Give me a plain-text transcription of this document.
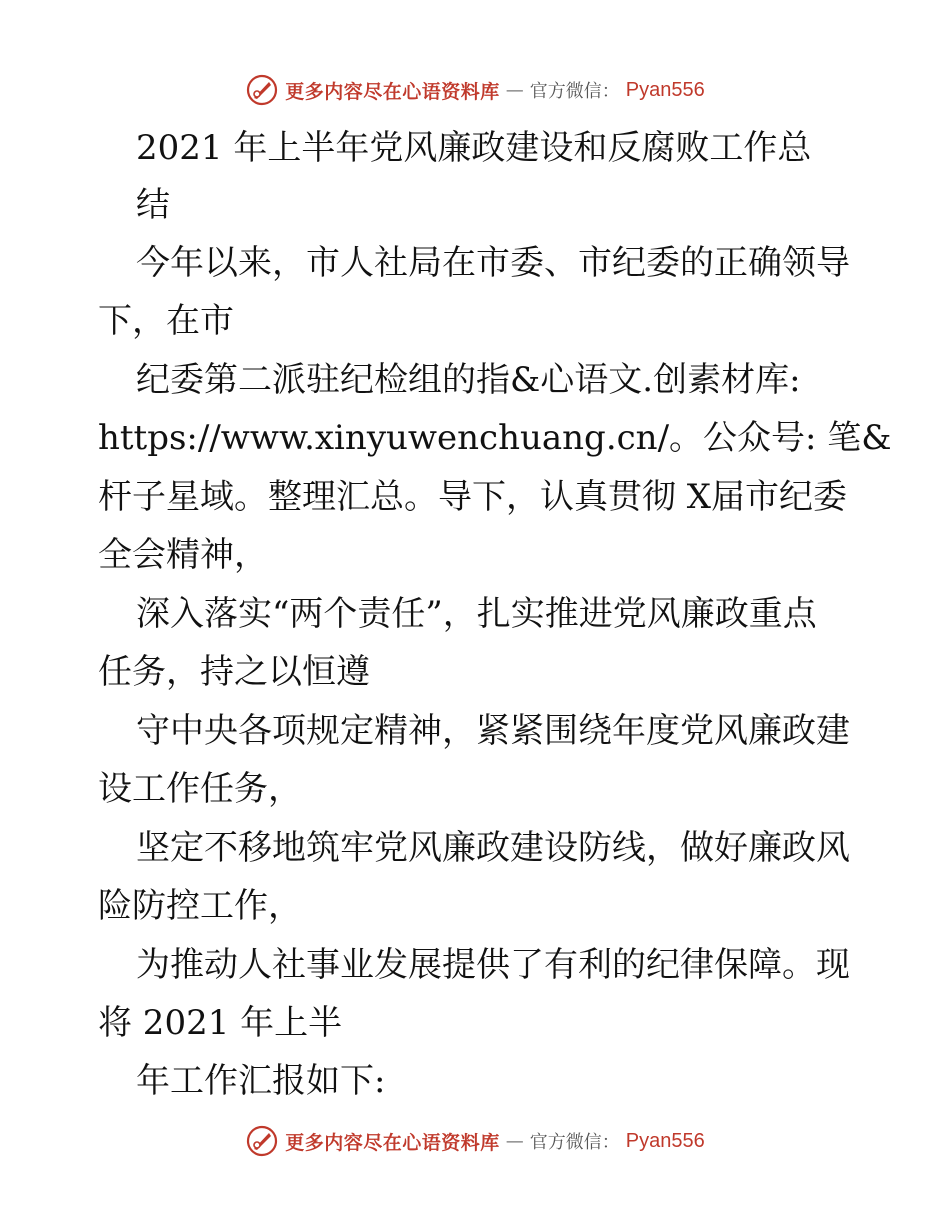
更多内容尽在心语资料库 — 官方微信： Pyan556
2021 年上半年党风廉政建设和反腐败工作总
结
今年以来，市人社局在市委、市纪委的正确领导
下，在市
纪委第二派驻纪检组的指&心语文.创素材库:
https://www.xinyuwenchuang.cn/。公众号: 笔&
杆子星域。整理汇总。导下，认真贯彻 X届市纪委
全会精神，
深入落实“两个责任”，扎实推进党风廉政重点
任务，持之以恒遵
守中央各项规定精神，紧紧围绕年度党风廉政建
设工作任务，
坚定不移地筑牢党风廉政建设防线，做好廉政风
险防控工作，
为推动人社事业发展提供了有利的纪律保障。现
将 2021 年上半
年工作汇报如下:
更多内容尽在心语资料库 — 官方微信： Pyan556
